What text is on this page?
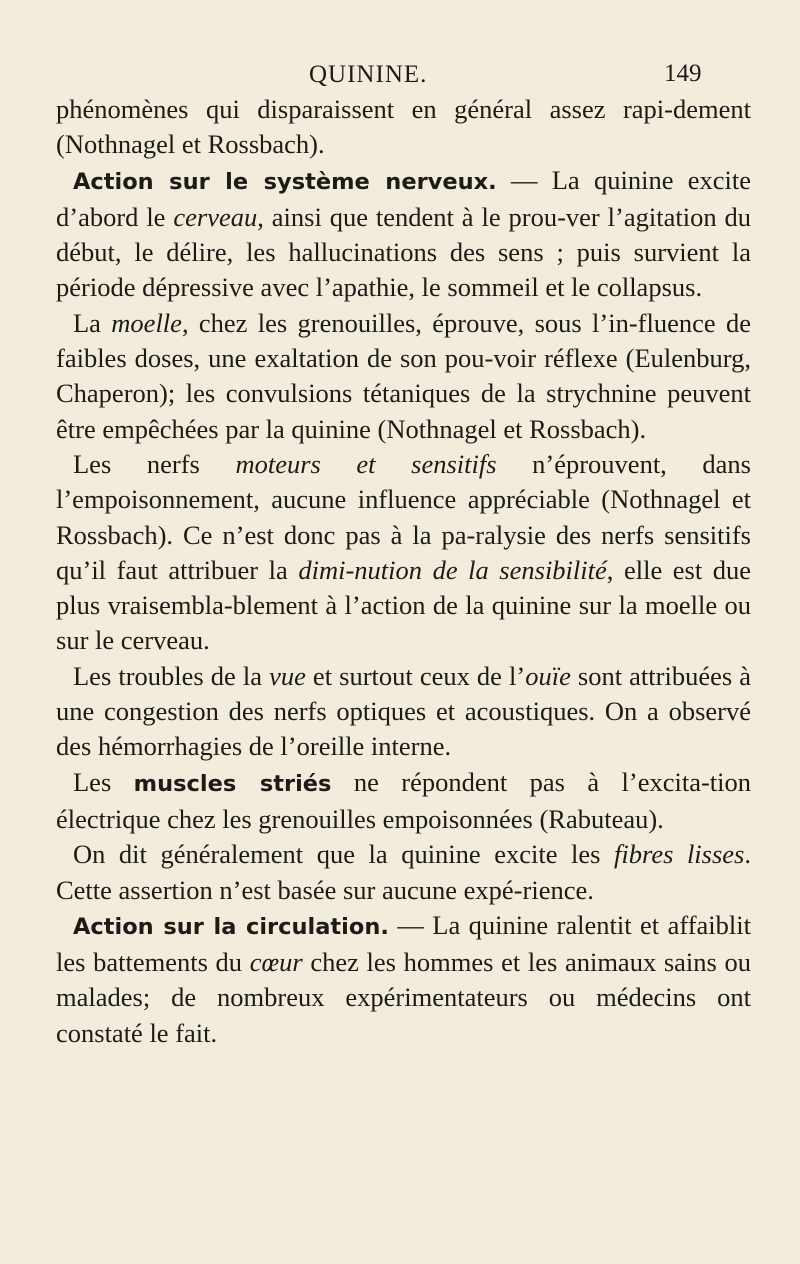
QUININE.	149

phénomènes qui disparaissent en général assez rapi-dement (Nothnagel et Rossbach).

Action sur le système nerveux. — La quinine excite d’abord le cerveau, ainsi que tendent à le prou-ver l’agitation du début, le délire, les hallucinations des sens ; puis survient la période dépressive avec l’apathie, le sommeil et le collapsus.

La moelle, chez les grenouilles, éprouve, sous l’in-fluence de faibles doses, une exaltation de son pou-voir réflexe (Eulenburg, Chaperon); les convulsions tétaniques de la strychnine peuvent être empêchées par la quinine (Nothnagel et Rossbach).

Les nerfs moteurs et sensitifs n’éprouvent, dans l’empoisonnement, aucune influence appréciable (Nothnagel et Rossbach). Ce n’est donc pas à la pa-ralysie des nerfs sensitifs qu’il faut attribuer la dimi-nution de la sensibilité, elle est due plus vraisembla-blement à l’action de la quinine sur la moelle ou sur le cerveau.

Les troubles de la vue et surtout ceux de l’ouïe sont attribuées à une congestion des nerfs optiques et acoustiques. On a observé des hémorrhagies de l’oreille interne.

Les muscles striés ne répondent pas à l’excita-tion électrique chez les grenouilles empoisonnées (Rabuteau).

On dit généralement que la quinine excite les fibres lisses. Cette assertion n’est basée sur aucune expé-rience.

Action sur la circulation. — La quinine ralentit et affaiblit les battements du cœur chez les hommes et les animaux sains ou malades; de nombreux expérimentateurs ou médecins ont constaté le fait.
